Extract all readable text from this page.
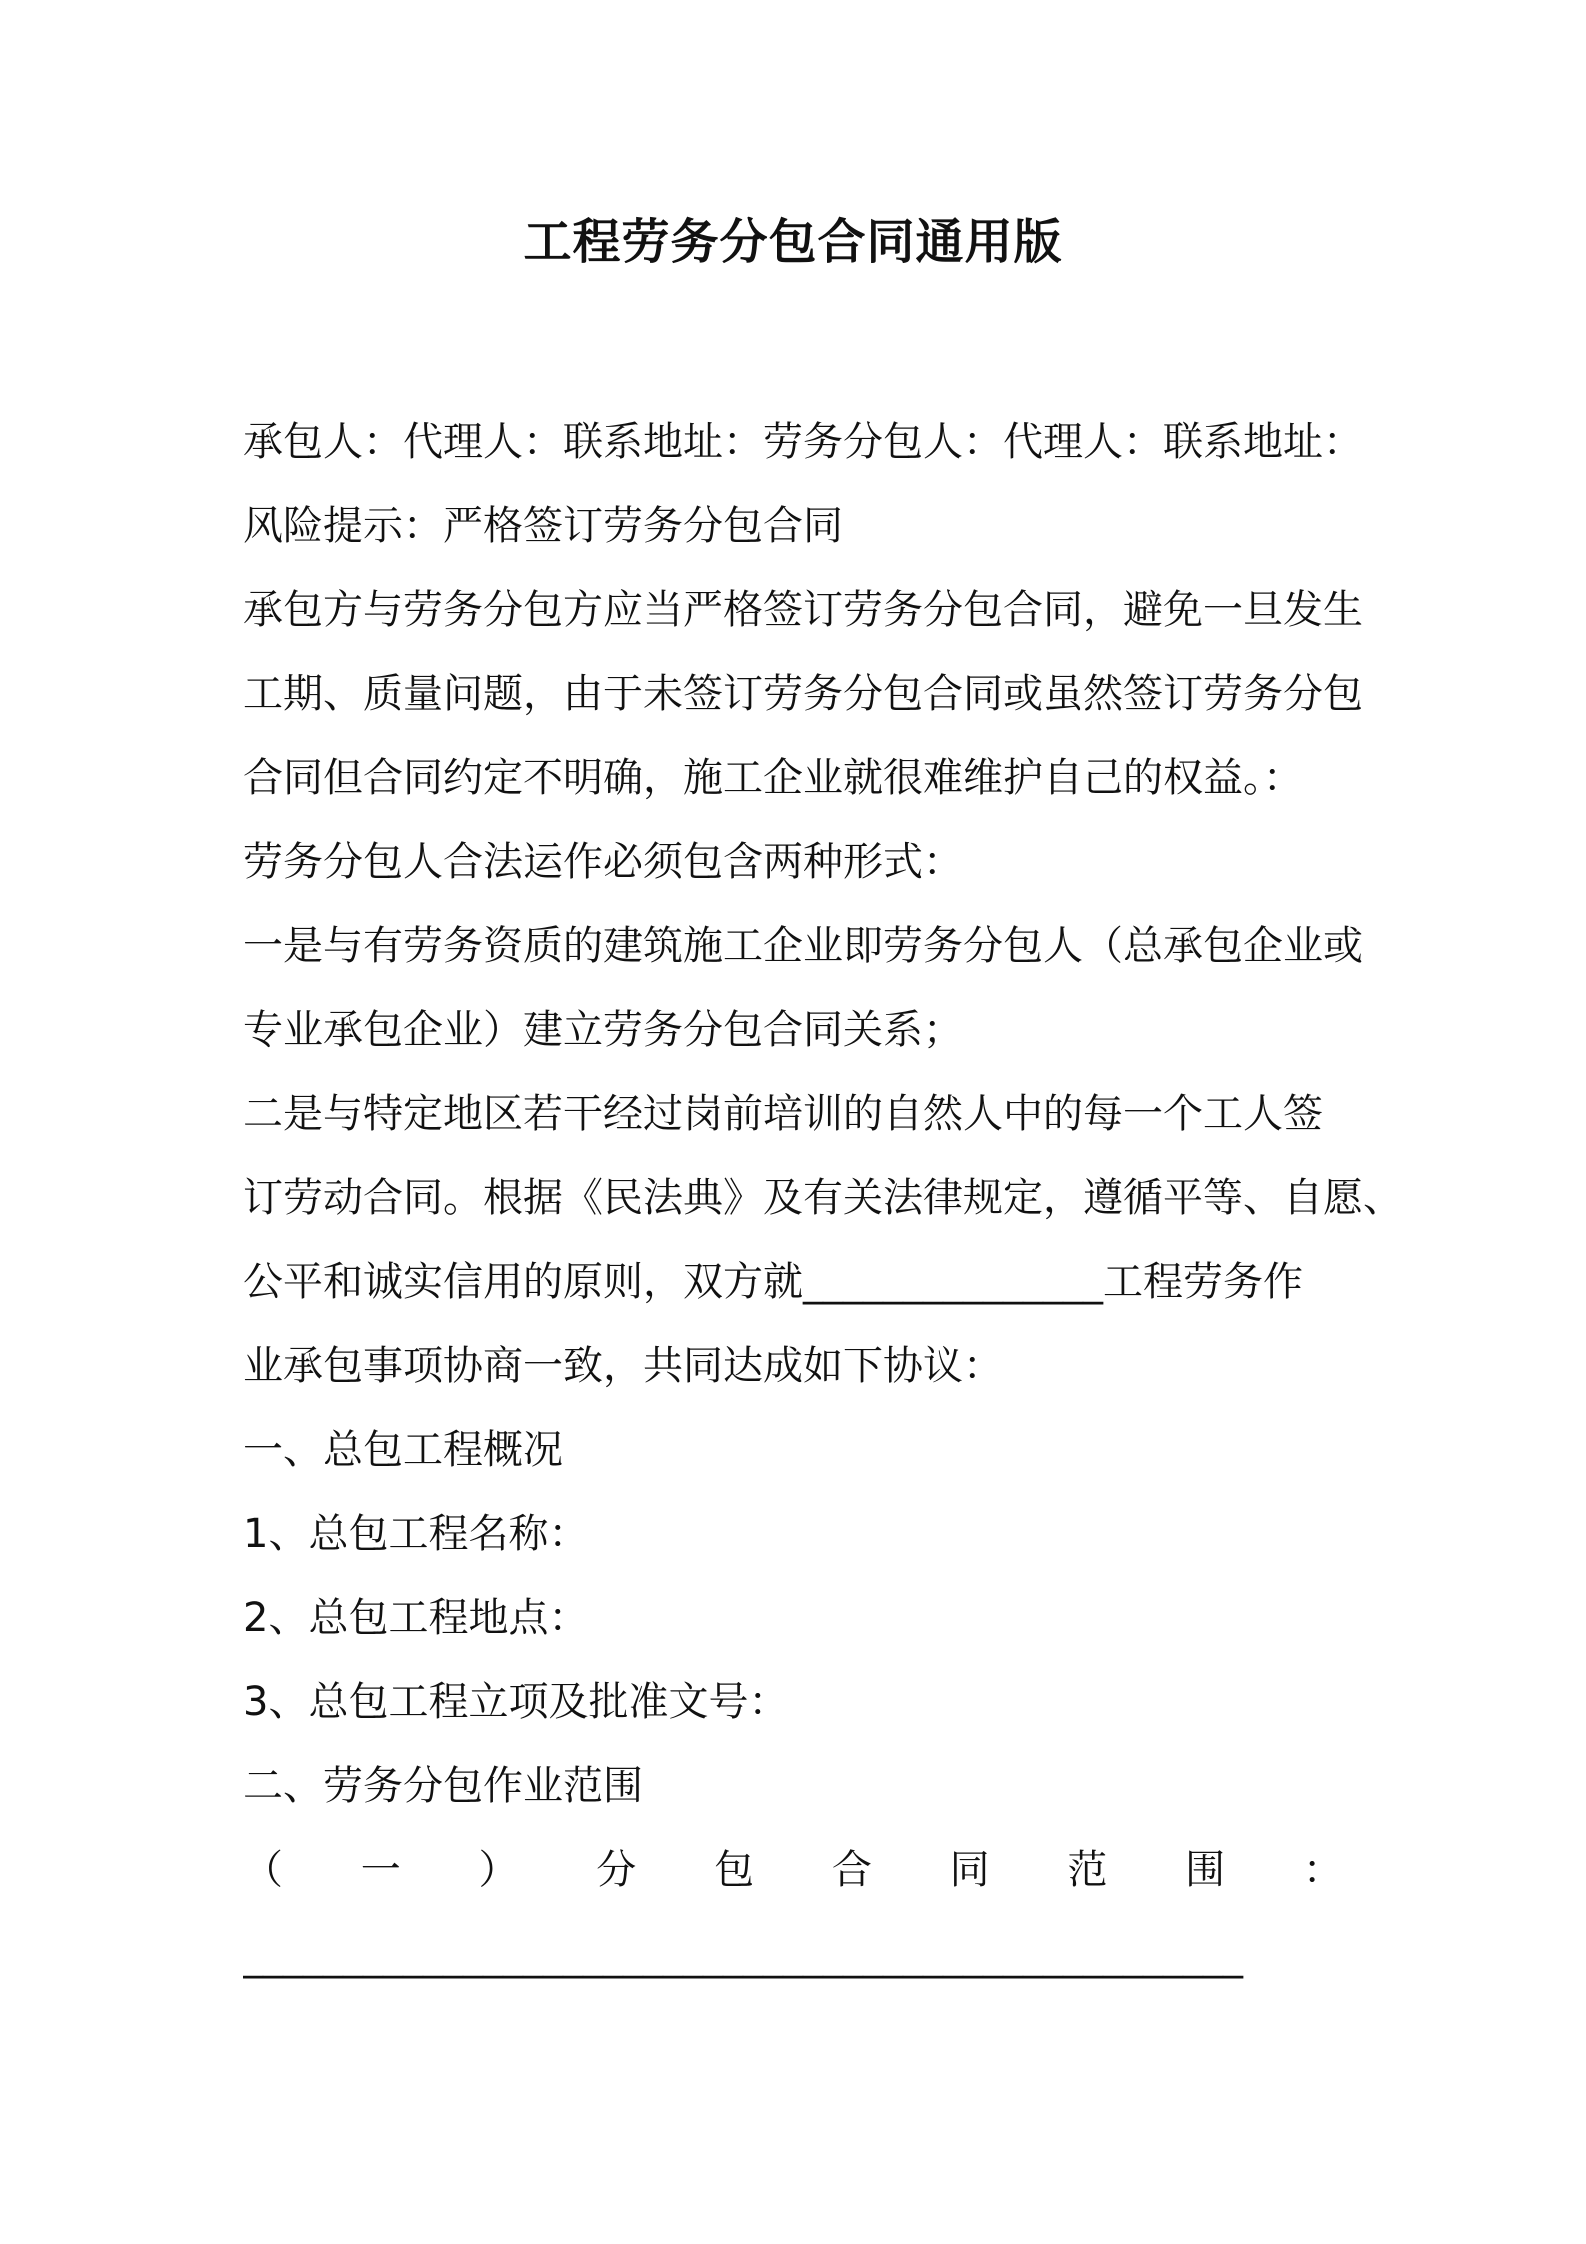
工程劳务分包合同通用版
承包人：代理人：联系地址：劳务分包人：代理人：联系地址：
风险提示：严格签订劳务分包合同
承包方与劳务分包方应当严格签订劳务分包合同，避免一旦发生
工期、质量问题，由于未签订劳务分包合同或虽然签订劳务分包
合同但合同约定不明确，施工企业就很难维护自己的权益。：
劳务分包人合法运作必须包含两种形式：
一是与有劳务资质的建筑施工企业即劳务分包人（总承包企业或
专业承包企业）建立劳务分包合同关系；
二是与特定地区若干经过岗前培训的自然人中的每一个工人签
订劳动合同。根据《民法典》及有关法律规定，遵循平等、自愿、
公平和诚实信用的原则，双方就_______________工程劳务作
业承包事项协商一致，共同达成如下协议：
一、总包工程概况
1、总包工程名称：
2、总包工程地点：
3、总包工程立项及批准文号：
二、劳务分包作业范围
（ 一 ） 分 包 合 同 范 围 ：
__________________________________________________
